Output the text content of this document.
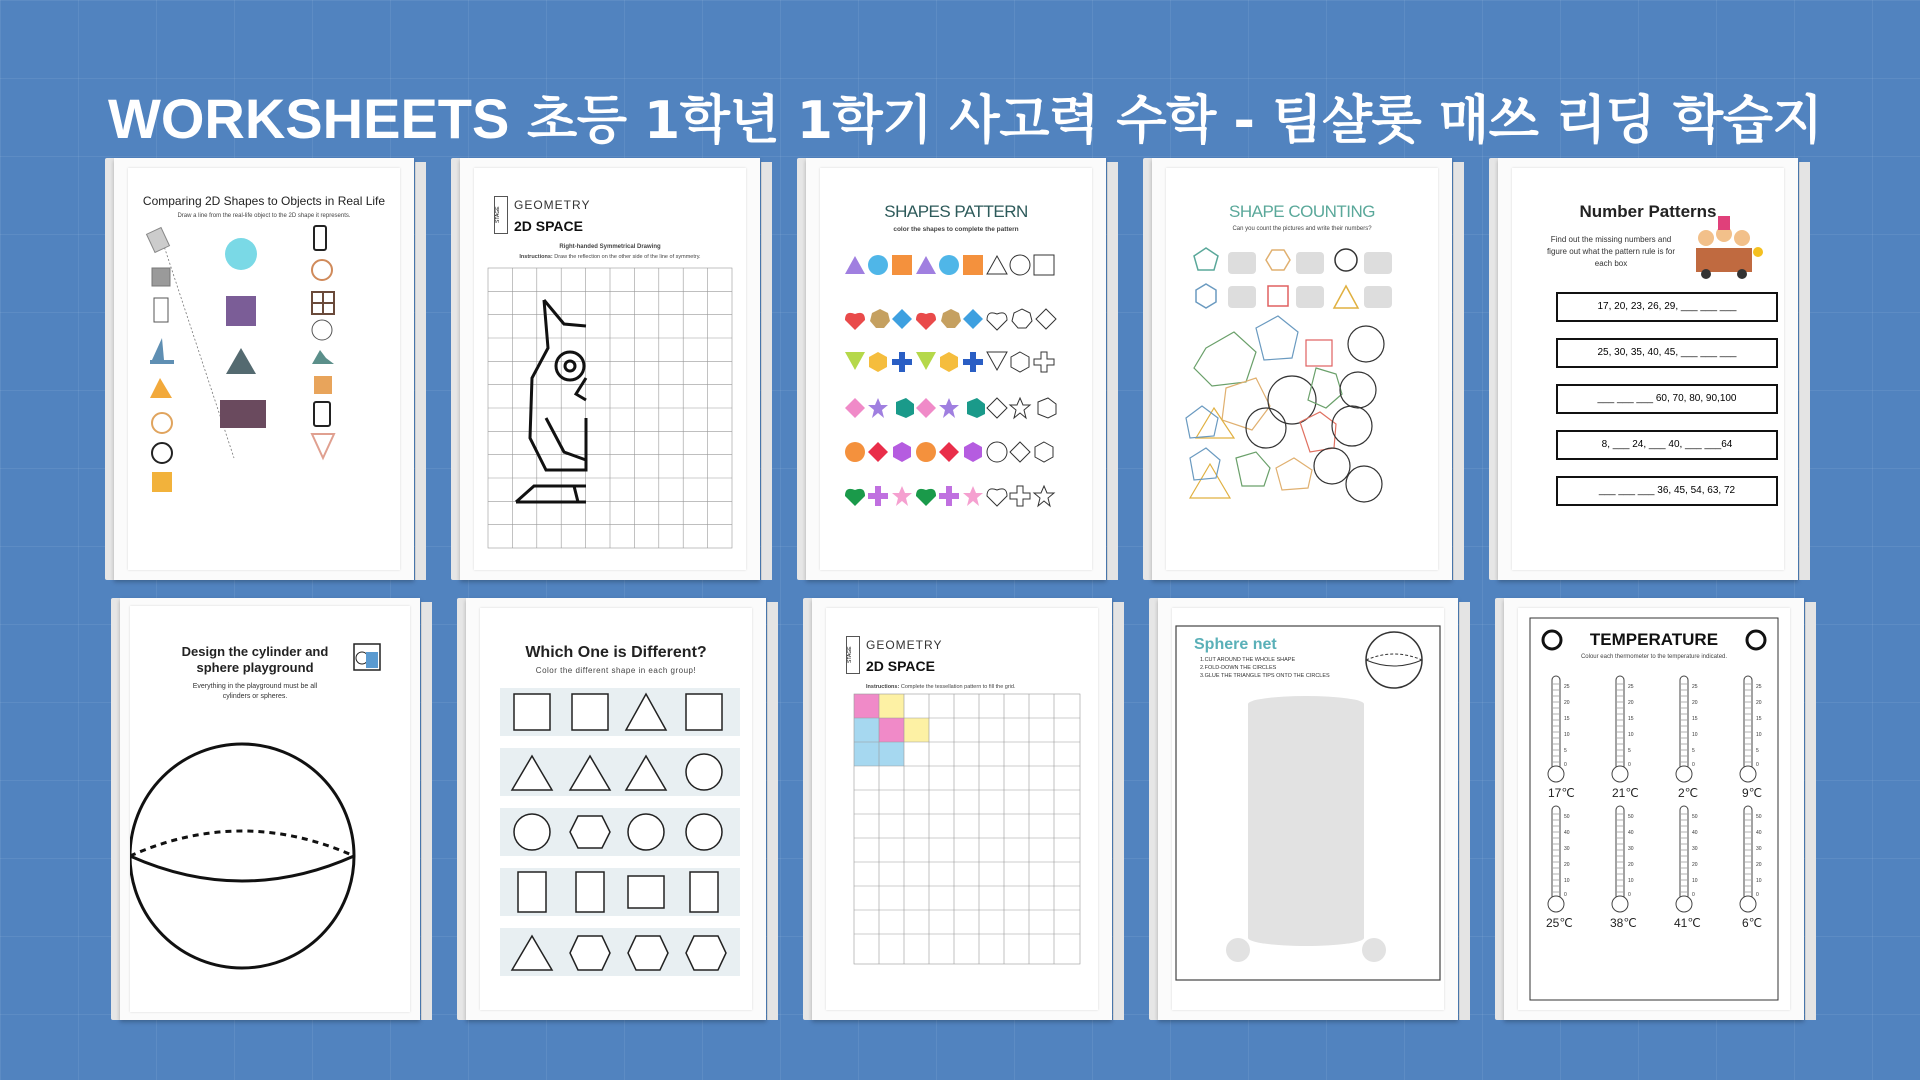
WORKSHEETS 초등 1학년 1학기 사고력 수학 - 팀샬롯 매쓰 리딩 학습지
Comparing 2D Shapes to Objects in Real Life
Draw a line from the real-life object to the 2D shape it represents.	STAGE
GEOMETRY
2D SPACE
Right-handed Symmetrical Drawing
Instructions: Draw the reflection on the other side of the line of symmetry.
SHAPES PATTERN
color the shapes to complete the pattern
SHAPE COUNTING
Can you count the pictures and write their numbers?
Number Patterns
Find out the missing numbers and figure out what the pattern rule is for each box
17, 20, 23, 26, 29, ___ ___ ___
25, 30, 35, 40, 45, ___ ___ ___
___ ___ ___ 60, 70, 80, 90,100
8, ___ 24, ___ 40, ___ ___64
___ ___ ___ 36, 45, 54, 63, 72
Design the cylinder and
sphere playground
Everything in the playground must be all
cylinders or spheres.
Which One is Different?
Color the different shape in each group!
STAGE
GEOMETRY
2D SPACE
Instructions: Complete the tessellation pattern to fill the grid.
Sphere net
1.CUT AROUND THE WHOLE SHAPE
2.FOLD-DOWN THE CIRCLES
3.GLUE THE TRIANGLE TIPS ONTO THE CIRCLES
25
20
15
10
5
0
25
20
15
10
5
0
25
20
15
10
5
0
25
20
15
10
5
0
50
40
30
20
10
0
50
40
30
20
10
0
50
40
30
20
10
0
50
40
30
20
10
0
TEMPERATURE
Colour each thermometer to the temperature indicated.
17℃	21℃	2℃	9℃
25℃	38℃	41℃	6℃
